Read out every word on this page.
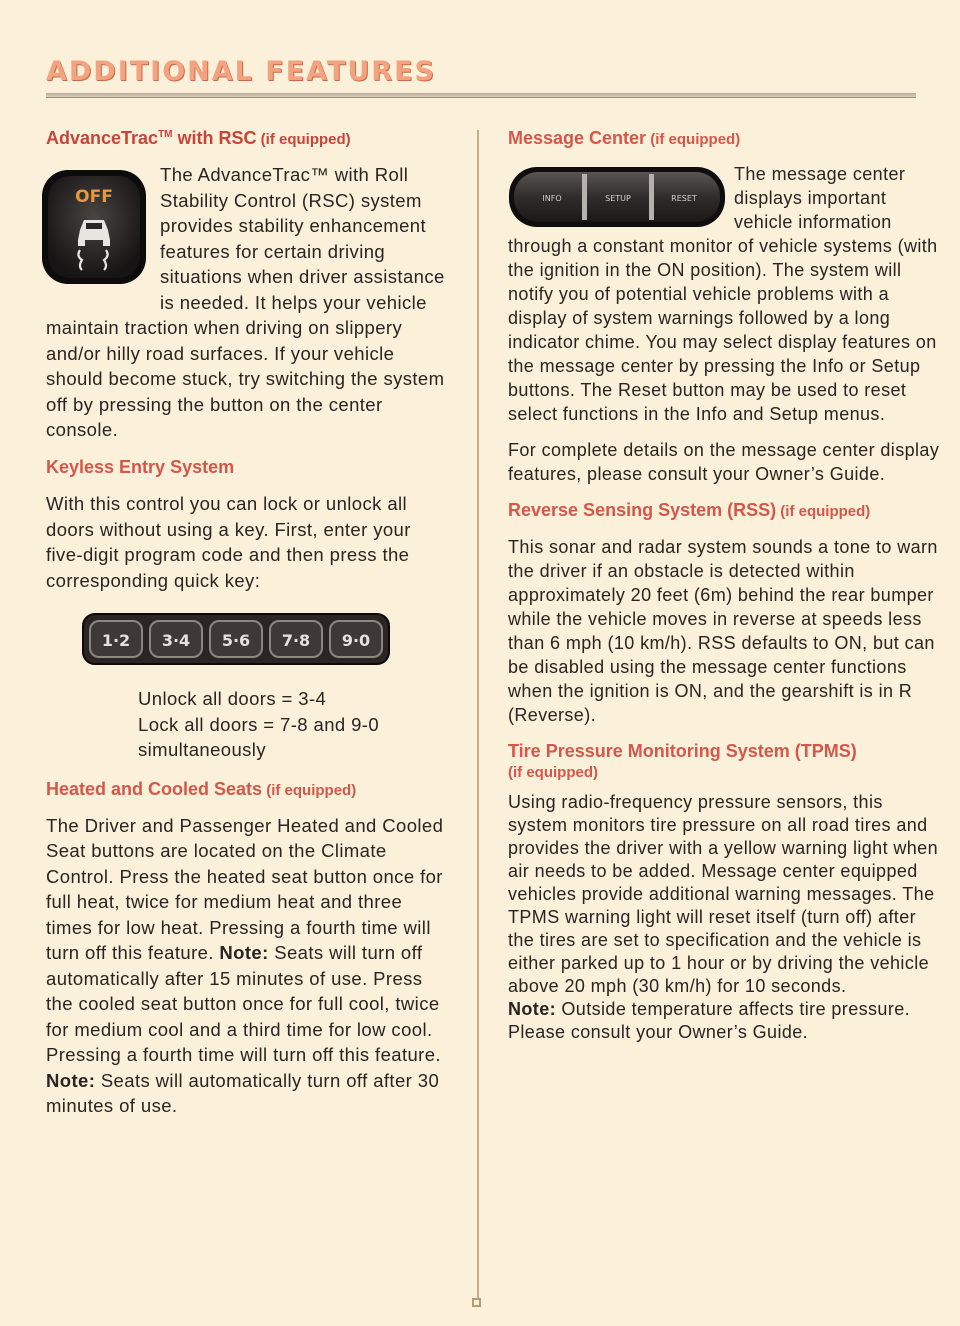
ADDITIONAL FEATURES
AdvanceTrac™ with RSC (if equipped)
OFF

The AdvanceTrac™ with Roll Stability Control (RSC) system provides stability enhancement features for certain driving situations when driver assistance is needed. It helps your vehicle maintain traction when driving on slippery and/or hilly road surfaces. If your vehicle should become stuck, try switching the system off by pressing the button on the center console.

Keyless Entry System

With this control you can lock or unlock all doors without using a key. First, enter your five-digit program code and then press the corresponding quick key:

1·2 3·4 5·6 7·8 9·0
Unlock all doors = 3-4
Lock all doors = 7-8 and 9-0
simultaneously
Heated and Cooled Seats (if equipped)

The Driver and Passenger Heated and Cooled Seat buttons are located on the Climate Control. Press the heated seat button once for full heat, twice for medium heat and three times for low heat. Pressing a fourth time will turn off this feature. Note: Seats will turn off automatically after 15 minutes of use. Press the cooled seat button once for full cool, twice for medium cool and a third time for low cool. Pressing a fourth time will turn off this feature. Note: Seats will automatically turn off after 30 minutes of use.

Message Center (if equipped)
INFO	SETUP	RESET

The message center displays important vehicle information through a constant monitor of vehicle systems (with the ignition in the ON position). The system will notify you of potential vehicle problems with a display of system warnings followed by a long indicator chime. You may select display features on the message center by pressing the Info or Setup buttons. The Reset button may be used to reset select functions in the Info and Setup menus.

For complete details on the message center display features, please consult your Owner’s Guide.

Reverse Sensing System (RSS) (if equipped)

This sonar and radar system sounds a tone to warn the driver if an obstacle is detected within approximately 20 feet (6m) behind the rear bumper while the vehicle moves in reverse at speeds less than 6 mph (10 km/h). RSS defaults to ON, but can be disabled using the message center functions when the ignition is ON, and the gearshift is in R (Reverse).

Tire Pressure Monitoring System (TPMS)
(if equipped)

Using radio-frequency pressure sensors, this system monitors tire pressure on all road tires and provides the driver with a yellow warning light when air needs to be added. Message center equipped vehicles provide additional warning messages. The TPMS warning light will reset itself (turn off) after the tires are set to specification and the vehicle is either parked up to 1 hour or by driving the vehicle above 20 mph (30 km/h) for 10 seconds.
Note: Outside temperature affects tire pressure. Please consult your Owner’s Guide.
